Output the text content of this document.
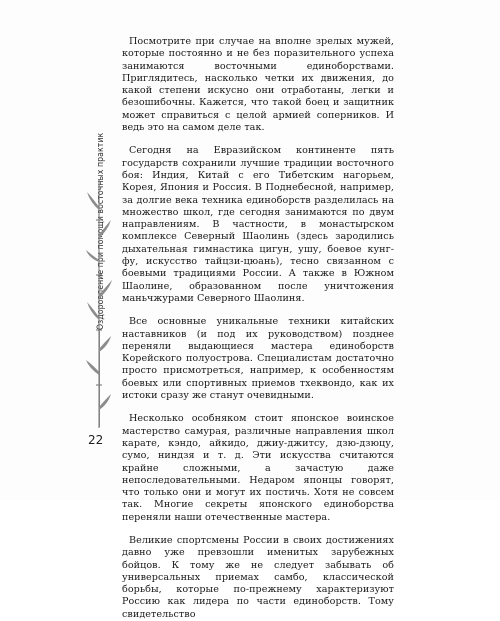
Оздоровление при помощи восточных практик
22

Посмотрите при случае на вполне зрелых мужей, которые постоянно и не без поразительного успеха занимаются восточными единоборствами. Приглядитесь, насколько четки их движения, до какой степени искусно они отработаны, легки и безошибочны. Кажется, что такой боец и защитник может справиться с целой армией соперников. И ведь это на самом деле так.

Сегодня на Евразийском континенте пять государств сохранили лучшие традиции восточного боя: Индия, Китай с его Тибетским нагорьем, Корея, Япония и Россия. В Поднебесной, например, за долгие века техника единоборств разделилась на множество школ, где сегодня занимаются по двум направлениям. В частности, в монастырском комплексе Северный Шаолинь (здесь зародились дыхательная гимнастика цигун, ушу, боевое кунг-фу, искусство тайцзи-цюань), тесно связанном с боевыми традициями России. А также в Южном Шаолине, образованном после уничтожения маньчжурами Северного Шаолиня.

Все основные уникальные техники китайских наставников (и под их руководством) позднее переняли выдающиеся мастера единоборств Корейского полуострова. Специалистам достаточно просто присмотреться, например, к особенностям боевых или спортивных приемов тхеквондо, как их истоки сразу же станут очевидными.

Несколько особняком стоит японское воинское мастерство самурая, различные направления школ карате, кэндо, айкидо, джиу-джитсу, дзю-дзюцу, сумо, ниндзя и т. д. Эти искусства считаются крайне сложными, а зачастую даже непоследовательными. Недаром японцы говорят, что только они и могут их постичь. Хотя не совсем так. Многие секреты японского единоборства переняли наши отечественные мастера.

Великие спортсмены России в своих достижениях давно уже превзошли именитых зарубежных бойцов. К тому же не следует забывать об универсальных приемах самбо, классической борьбы, которые по-прежнему характеризуют Россию как лидера по части единоборств. Тому свидетельство
